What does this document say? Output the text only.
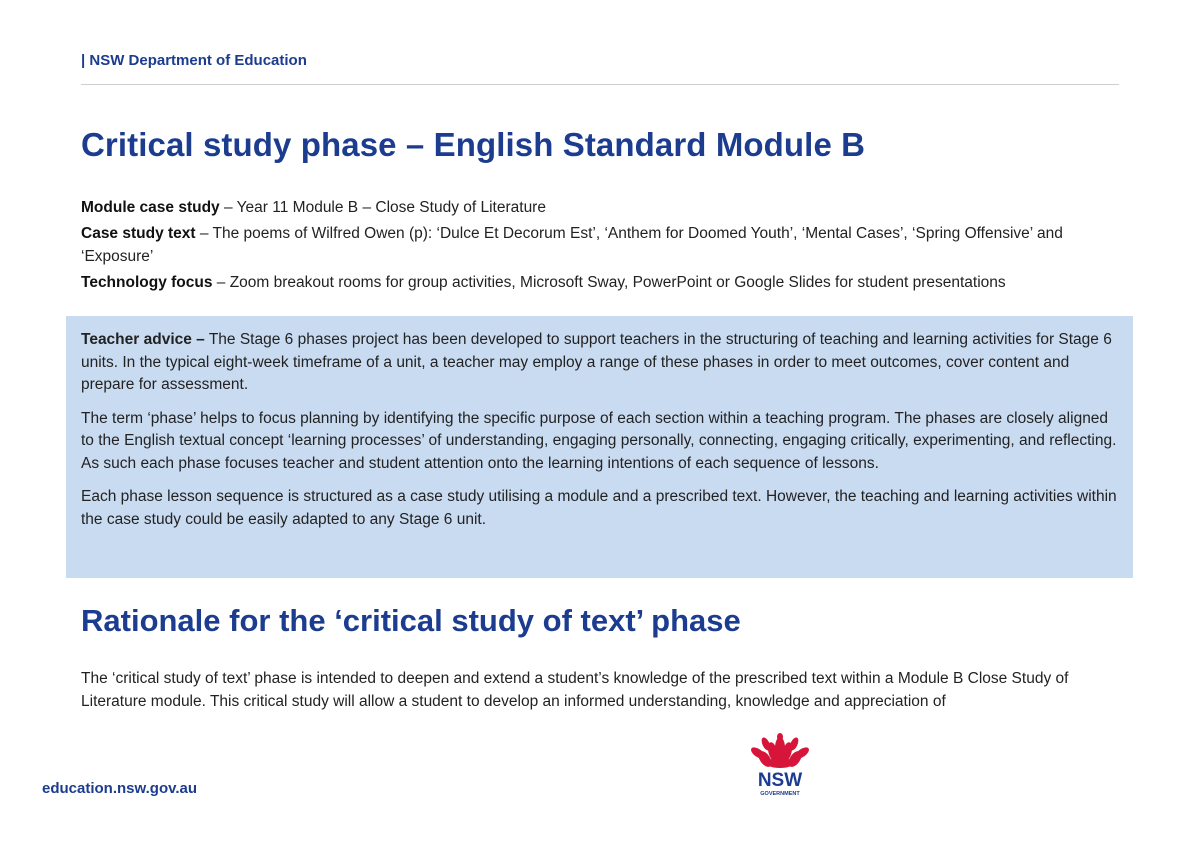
| NSW Department of Education
Critical study phase – English Standard Module B

Module case study – Year 11 Module B – Close Study of Literature

Case study text – The poems of Wilfred Owen (p): ‘Dulce Et Decorum Est’, ‘Anthem for Doomed Youth’, ‘Mental Cases’, ‘Spring Offensive’ and ‘Exposure’

Technology focus – Zoom breakout rooms for group activities, Microsoft Sway, PowerPoint or Google Slides for student presentations

Teacher advice – The Stage 6 phases project has been developed to support teachers in the structuring of teaching and learning activities for Stage 6 units. In the typical eight-week timeframe of a unit, a teacher may employ a range of these phases in order to meet outcomes, cover content and prepare for assessment.

The term ‘phase’ helps to focus planning by identifying the specific purpose of each section within a teaching program. The phases are closely aligned to the English textual concept ‘learning processes’ of understanding, engaging personally, connecting, engaging critically, experimenting, and reflecting. As such each phase focuses teacher and student attention onto the learning intentions of each sequence of lessons.

Each phase lesson sequence is structured as a case study utilising a module and a prescribed text. However, the teaching and learning activities within the case study could be easily adapted to any Stage 6 unit.

Rationale for the ‘critical study of text’ phase

The ‘critical study of text’ phase is intended to deepen and extend a student’s knowledge of the prescribed text within a Module B Close Study of Literature module. This critical study will allow a student to develop an informed understanding, knowledge and appreciation of

education.nsw.gov.au	NSW
GOVERNMENT
